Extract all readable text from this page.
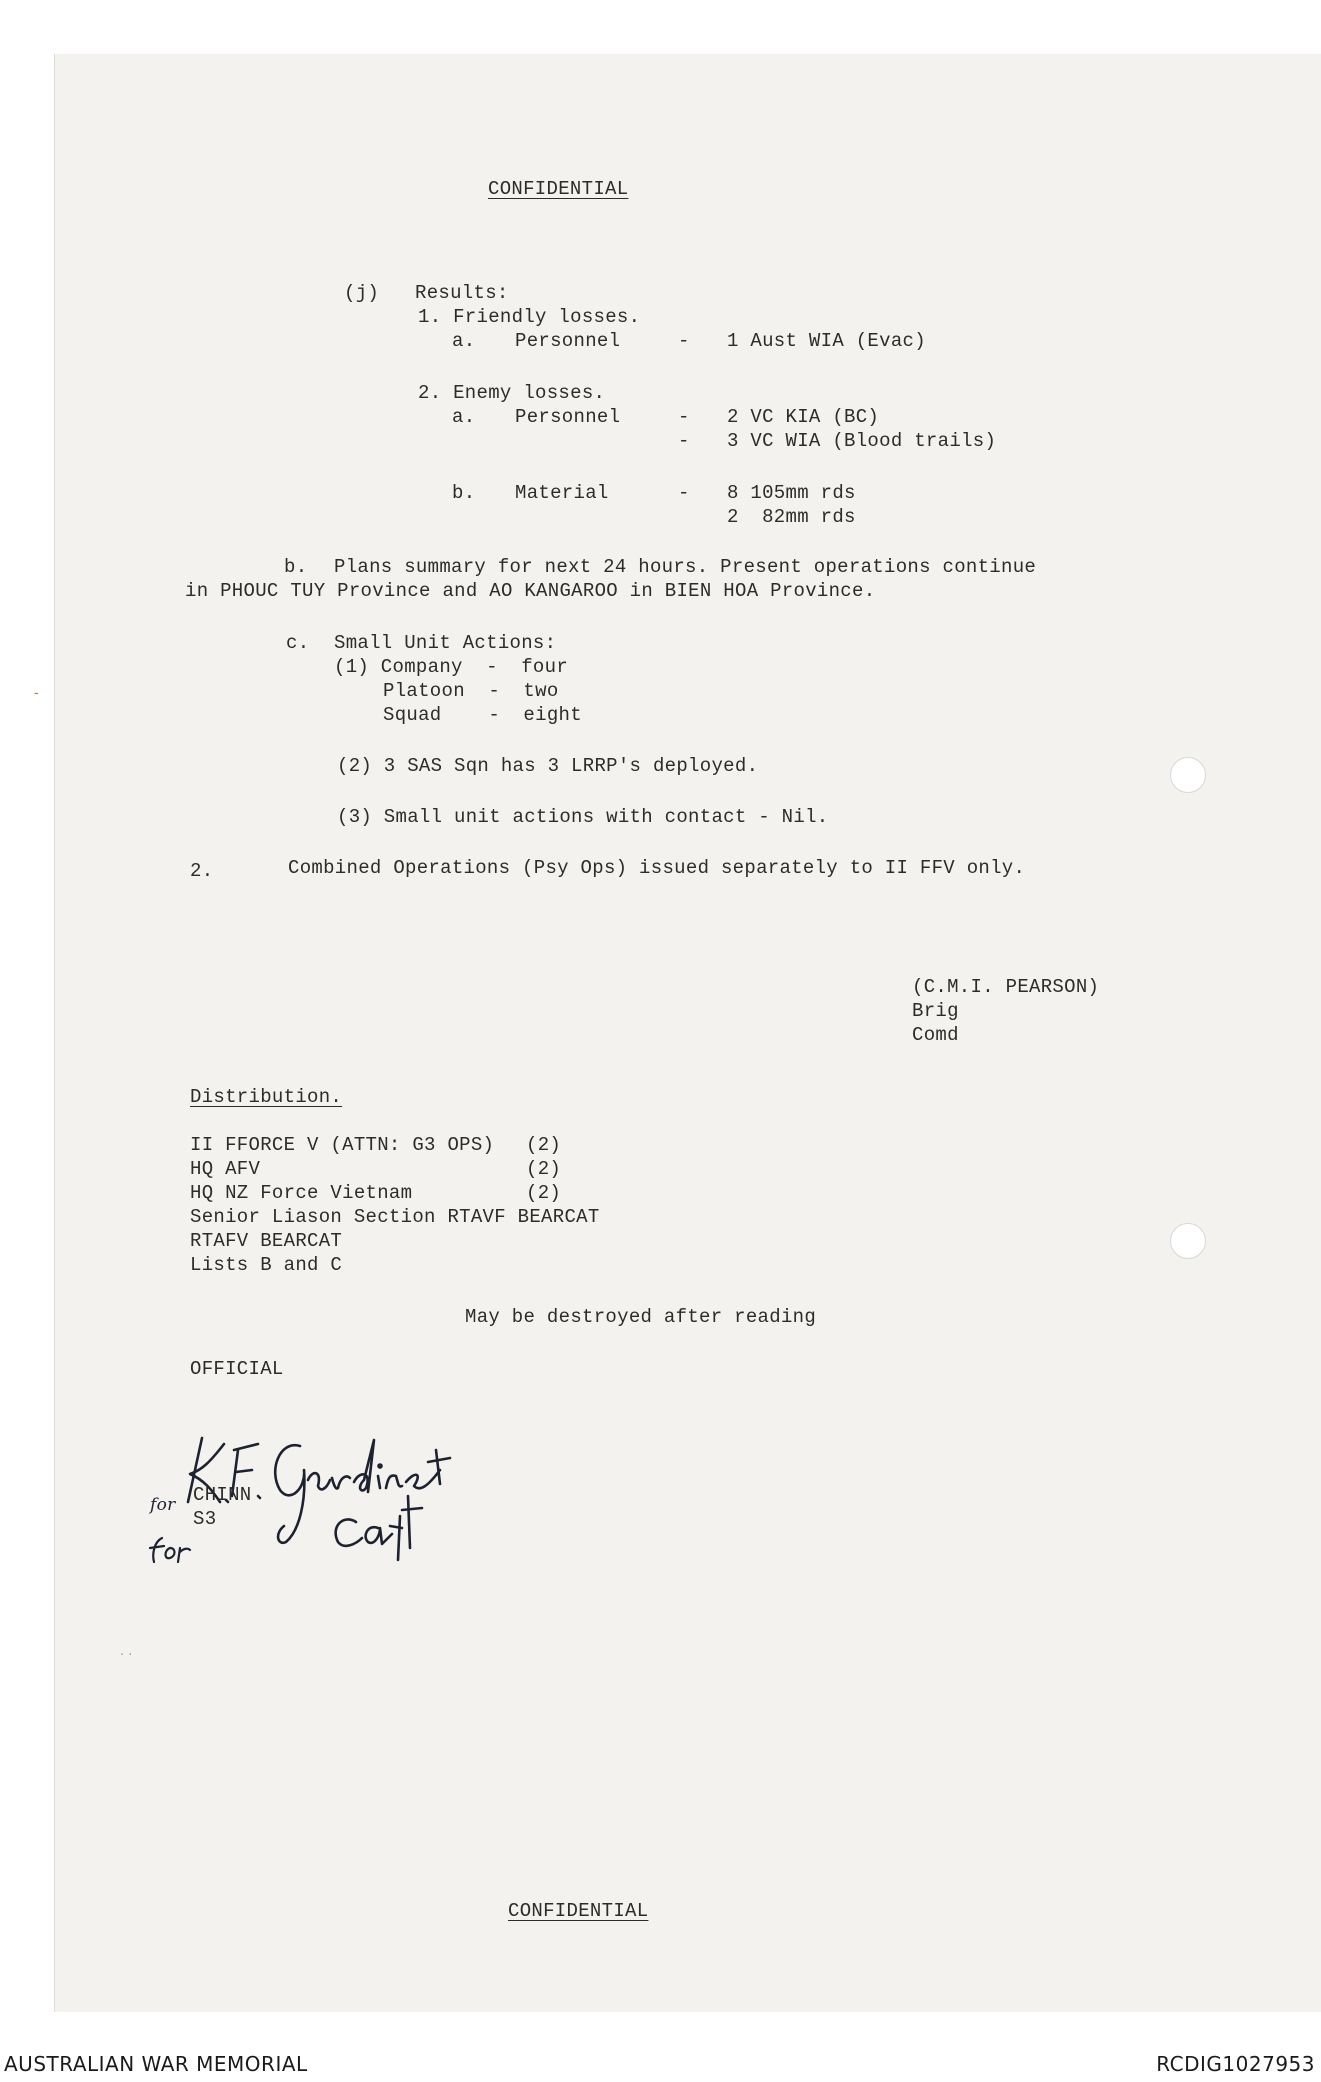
CONFIDENTIAL
(j) Results:
1. Friendly losses.
a. Personnel	- 1 Aust WIA (Evac)
2. Enemy losses.
a. Personnel	- 2 VC KIA (BC)
- 3 VC WIA (Blood trails)
b. Material	- 8 105mm rds
2  82mm rds
b. Plans summary for next 24 hours. Present operations continue
in PHOUC TUY Province and AO KANGAROO in BIEN HOA Province.
c. Small Unit Actions:
(1) Company  -  four
Platoon  -  two
Squad    -  eight
(2) 3 SAS Sqn has 3 LRRP's deployed.
(3) Small unit actions with contact - Nil.
2.	Combined Operations (Psy Ops) issued separately to II FFV only.
(C.M.I. PEARSON)
Brig
Comd
Distribution.
II FFORCE V (ATTN: G3 OPS) (2)
HQ AFV	(2)
HQ NZ Force Vietnam	(2)
Senior Liason Section RTAVF BEARCAT
RTAFV BEARCAT
Lists B and C
May be destroyed after reading
OFFICIAL
CHINN
S3
CONFIDENTIAL
· ·
-
AUSTRALIAN WAR MEMORIAL	RCDIG1027953
for
